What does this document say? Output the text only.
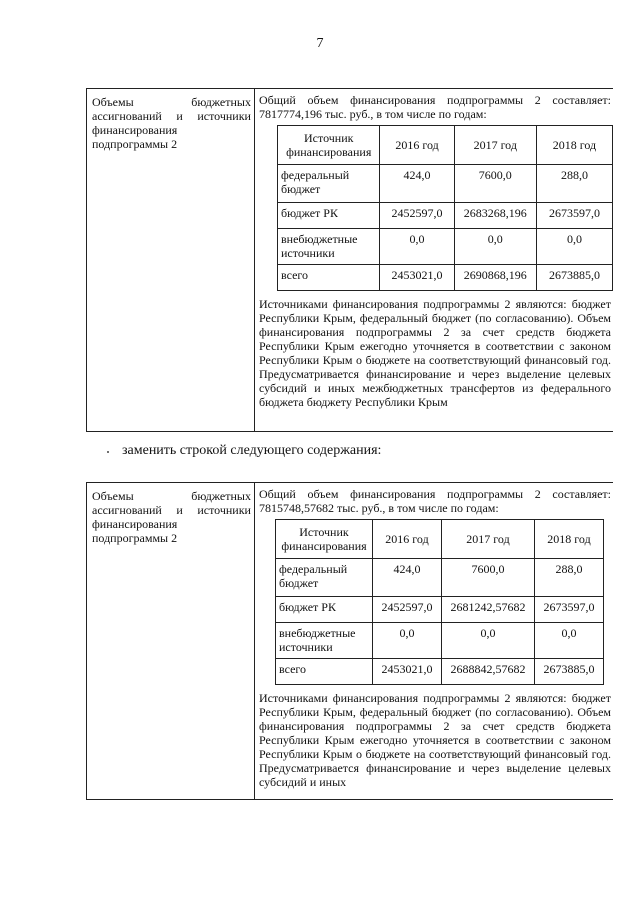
7
Объемы	бюджетных
ассигнований и источники
финансирования
подпрограммы 2
Общий объем финансирования подпрограммы 2 составляет: 7817774,196 тыс. руб., в том числе по годам:
Источник финансирования	2016 год	2017 год	2018 год
федеральный бюджет	424,0	7600,0	288,0
бюджет РК	2452597,0	2683268,196	2673597,0
внебюджетные источники	0,0	0,0	0,0
всего	2453021,0	2690868,196	2673885,0
Источниками финансирования подпрограммы 2 являются: бюджет Республики Крым, федеральный бюджет (по согласованию). Объем финансирования подпрограммы 2 за счет средств бюджета Республики Крым ежегодно уточняется в соответствии с законом Республики Крым о бюджете на соответствующий финансовый год. Предусматривается финансирование и через выделение целевых субсидий и иных межбюджетных трансфертов из федерального бюджета бюджету Республики Крым
заменить строкой следующего содержания:
Объемы	бюджетных
ассигнований и источники
финансирования
подпрограммы 2
Общий объем финансирования подпрограммы 2 составляет: 7815748,57682 тыс. руб., в том числе по годам:
Источник финансирования	2016 год	2017 год	2018 год
федеральный бюджет	424,0	7600,0	288,0
бюджет РК	2452597,0	2681242,57682	2673597,0
внебюджетные источники	0,0	0,0	0,0
всего	2453021,0	2688842,57682	2673885,0
Источниками финансирования подпрограммы 2 являются: бюджет Республики Крым, федеральный бюджет (по согласованию). Объем финансирования подпрограммы 2 за счет средств бюджета Республики Крым ежегодно уточняется в соответствии с законом Республики Крым о бюджете на соответствующий финансовый год. Предусматривается финансирование и через выделение целевых субсидий и иных
